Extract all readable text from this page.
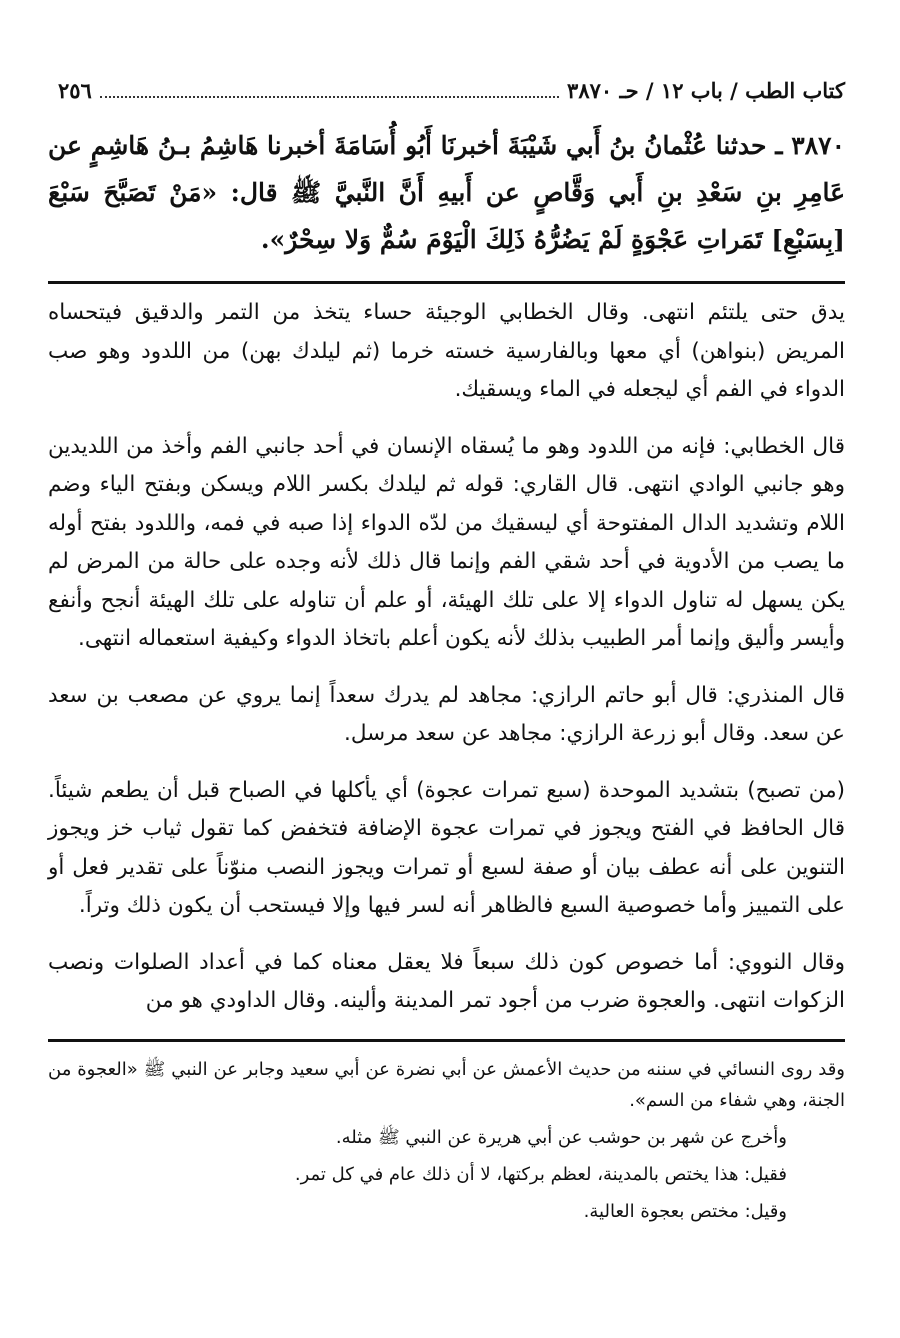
كتاب الطب / باب ١٢ / حـ ٣٨٧٠
٢٥٦
٣٨٧٠ ـ حدثنا عُثْمانُ بنُ أَبي شَيْبَةَ أخبرنَا أَبُو أُسَامَةَ أخبرنا هَاشِمُ بـنُ هَاشِمٍ عن عَامِرِ بنِ سَعْدِ بنِ أَبي وَقَّاصٍ عن أَبيهِ أَنَّ النَّبيَّ ﷺ قال: «مَنْ تَصَبَّحَ سَبْعَ [بِسَبْعِ] تَمَراتِ عَجْوَةٍ لَمْ يَضُرُّهُ ذَلِكَ الْيَوْمَ سُمٌّ وَلا سِحْرٌ».

يدق حتى يلتئم انتهى. وقال الخطابي الوجيئة حساء يتخذ من التمر والدقيق فيتحساه المريض (بنواهن) أي معها وبالفارسية خسته خرما (ثم ليلدك بهن) من اللدود وهو صب الدواء في الفم أي ليجعله في الماء ويسقيك.

قال الخطابي: فإنه من اللدود وهو ما يُسقاه الإنسان في أحد جانبي الفم وأخذ من اللديدين وهو جانبي الوادي انتهى. قال القاري: قوله ثم ليلدك بكسر اللام ويسكن وبفتح الياء وضم اللام وتشديد الدال المفتوحة أي ليسقيك من لدّه الدواء إذا صبه في فمه، واللدود بفتح أوله ما يصب من الأدوية في أحد شقي الفم وإنما قال ذلك لأنه وجده على حالة من المرض لم يكن يسهل له تناول الدواء إلا على تلك الهيئة، أو علم أن تناوله على تلك الهيئة أنجح وأنفع وأيسر وأليق وإنما أمر الطبيب بذلك لأنه يكون أعلم باتخاذ الدواء وكيفية استعماله انتهى.

قال المنذري: قال أبو حاتم الرازي: مجاهد لم يدرك سعداً إنما يروي عن مصعب بن سعد عن سعد. وقال أبو زرعة الرازي: مجاهد عن سعد مرسل.

(من تصبح) بتشديد الموحدة (سبع تمرات عجوة) أي يأكلها في الصباح قبل أن يطعم شيئاً. قال الحافظ في الفتح ويجوز في تمرات عجوة الإضافة فتخفض كما تقول ثياب خز ويجوز التنوين على أنه عطف بيان أو صفة لسبع أو تمرات ويجوز النصب منوّناً على تقدير فعل أو على التمييز وأما خصوصية السبع فالظاهر أنه لسر فيها وإلا فيستحب أن يكون ذلك وتراً.

وقال النووي: أما خصوص كون ذلك سبعاً فلا يعقل معناه كما في أعداد الصلوات ونصب الزكوات انتهى. والعجوة ضرب من أجود تمر المدينة وألينه. وقال الداودي هو من

وقد روى النسائي في سننه من حديث الأعمش عن أبي نضرة عن أبي سعيد وجابر عن النبي ﷺ «العجوة من الجنة، وهي شفاء من السم».

وأخرج عن شهر بن حوشب عن أبي هريرة عن النبي ﷺ مثله.

فقيل: هذا يختص بالمدينة، لعظم بركتها، لا أن ذلك عام في كل تمر.

وقيل: مختص بعجوة العالية.
